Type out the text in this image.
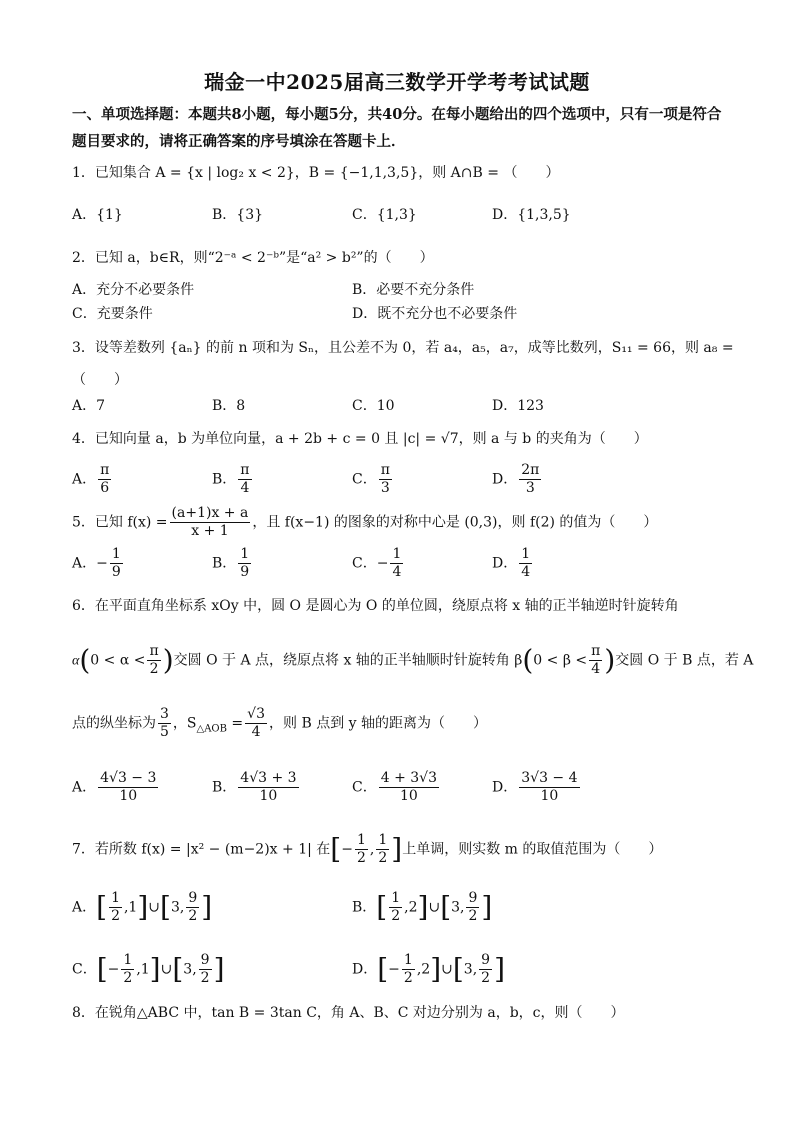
瑞金一中2025届高三数学开学考考试试题
一、单项选择题：本题共8小题，每小题5分，共40分。在每小题给出的四个选项中，只有一项是符合题目要求的，请将正确答案的序号填涂在答题卡上．
1．已知集合 A = {x | log₂ x < 2}，B = {−1,1,3,5}，则 A∩B = （　　）
A．{1}	B．{3}	C．{1,3}	D．{1,3,5}
2．已知 a，b∈R，则“2⁻ᵃ < 2⁻ᵇ”是“a² > b²”的（　　）
A．充分不必要条件	B．必要不充分条件
C．充要条件	D．既不充分也不必要条件
3．设等差数列 {aₙ} 的前 n 项和为 Sₙ，且公差不为 0，若 a₄，a₅，a₇，成等比数列，S₁₁ = 66，则 a₈ =
（　　）
A．7	B．8	C．10	D．123
4．已知向量 a，b 为单位向量，a + 2b + c = 0 且 |c| = √7，则 a 与 b 的夹角为（　　）
A． $\frac{\pi}{6}$	B． $\frac{\pi}{4}$	C． $\frac{\pi}{3}$	D． $\frac{2\pi}{3}$
5．已知 $f(x) = \frac{(a+1)x + a}{x + 1}$ ，且 f(x−1) 的图象的对称中心是 (0,3)，则 f(2) 的值为（　　）
A．− $\frac{1}{9}$	B． $\frac{1}{9}$	C．− $\frac{1}{4}$	D． $\frac{1}{4}$
6．在平面直角坐标系 xOy 中，圆 O 是圆心为 O 的单位圆，绕原点将 x 轴的正半轴逆时针旋转角
$\alpha(0 < \alpha < \frac{\pi}{2}$ )交圆 O 于 A 点，绕原点将 x 轴的正半轴顺时针旋转角 $\beta(0 < \beta < \frac{\pi}{4}$ )交圆 O 于 B 点，若 A
点的纵坐标为 $\frac{3}{5}$ ，$S_{\triangle AOB} = \frac{√3}{4}$ ，则 B 点到 y 轴的距离为（　　）
A． $\frac{4√3 - 3}{10}$	B． $\frac{4√3 + 3}{10}$	C． $\frac{4 + 3√3}{10}$	D． $\frac{3√3 - 4}{10}$
7．若所数 f(x) = |x² − (m−2)x + 1| 在[− $\frac{1}{2}$ , $\frac{1}{2}$ ]上单调，则实数 m 的取值范围为（　　）
A．[ $\frac{1}{2}$ ,1]∪[3, $\frac{9}{2}$ ]	B．[ $\frac{1}{2}$ ,2]∪[3, $\frac{9}{2}$ ]
C．[− $\frac{1}{2}$ ,1]∪[3, $\frac{9}{2}$ ]	D．[− $\frac{1}{2}$ ,2]∪[3, $\frac{9}{2}$ ]
8．在锐角△ABC 中，tan B = 3tan C，角 A、B、C 对边分别为 a，b，c，则（　　）
